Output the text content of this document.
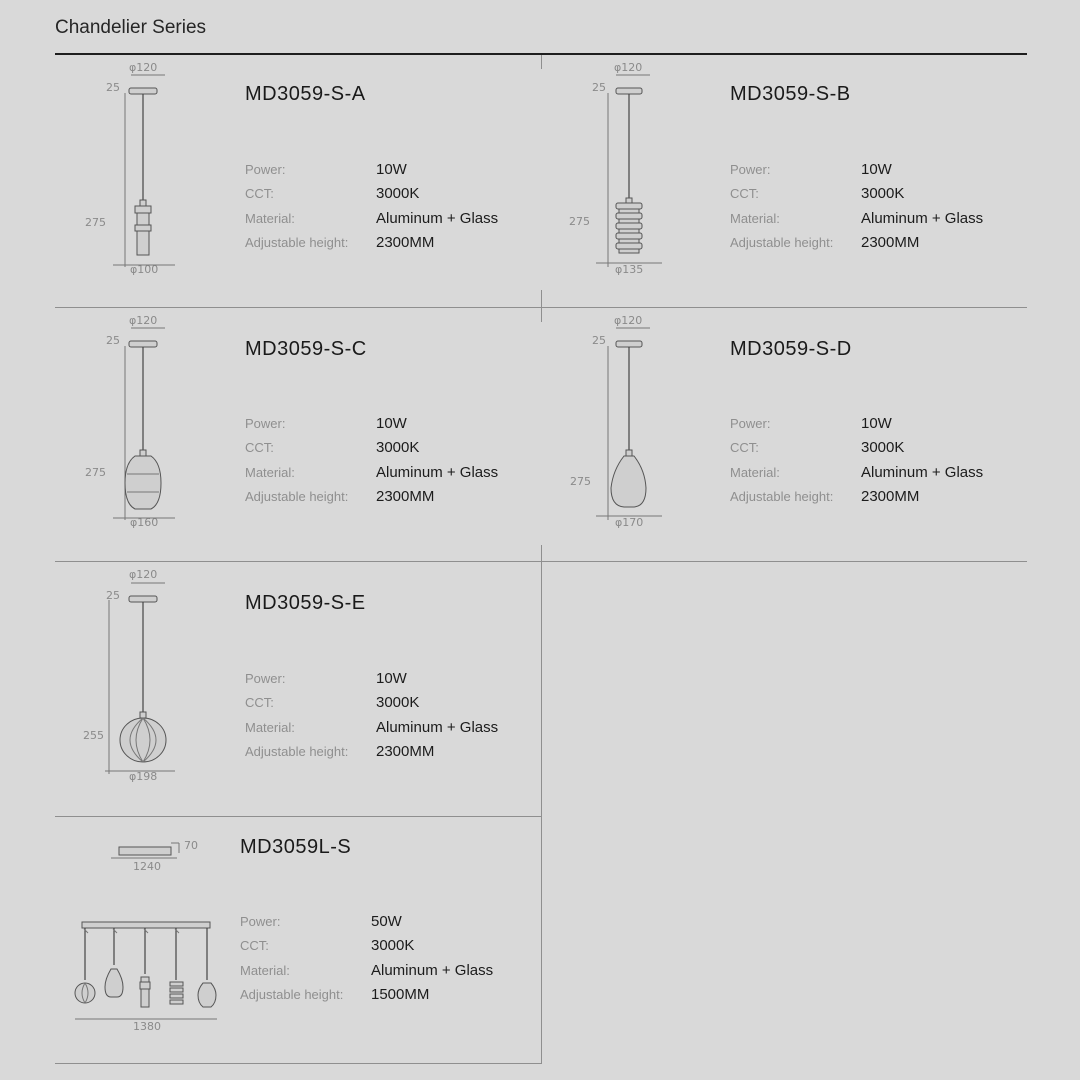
Chandelier Series
φ120
25
275
φ100
MD3059-S-A
Power:	10W
CCT:	3000K
Material:	Aluminum + Glass
Adjustable height:	2300MM
φ120
25
275
φ135
MD3059-S-B
Power:	10W
CCT:	3000K
Material:	Aluminum + Glass
Adjustable height:	2300MM
φ120
25
275
φ160
MD3059-S-C
Power:	10W
CCT:	3000K
Material:	Aluminum + Glass
Adjustable height:	2300MM
φ120
25
275
φ170
MD3059-S-D
Power:	10W
CCT:	3000K
Material:	Aluminum + Glass
Adjustable height:	2300MM
φ120
25
255
φ198
MD3059-S-E
Power:	10W
CCT:	3000K
Material:	Aluminum + Glass
Adjustable height:	2300MM
70
1240
1380
MD3059L-S
Power:	50W
CCT:	3000K
Material:	Aluminum + Glass
Adjustable height:	1500MM
